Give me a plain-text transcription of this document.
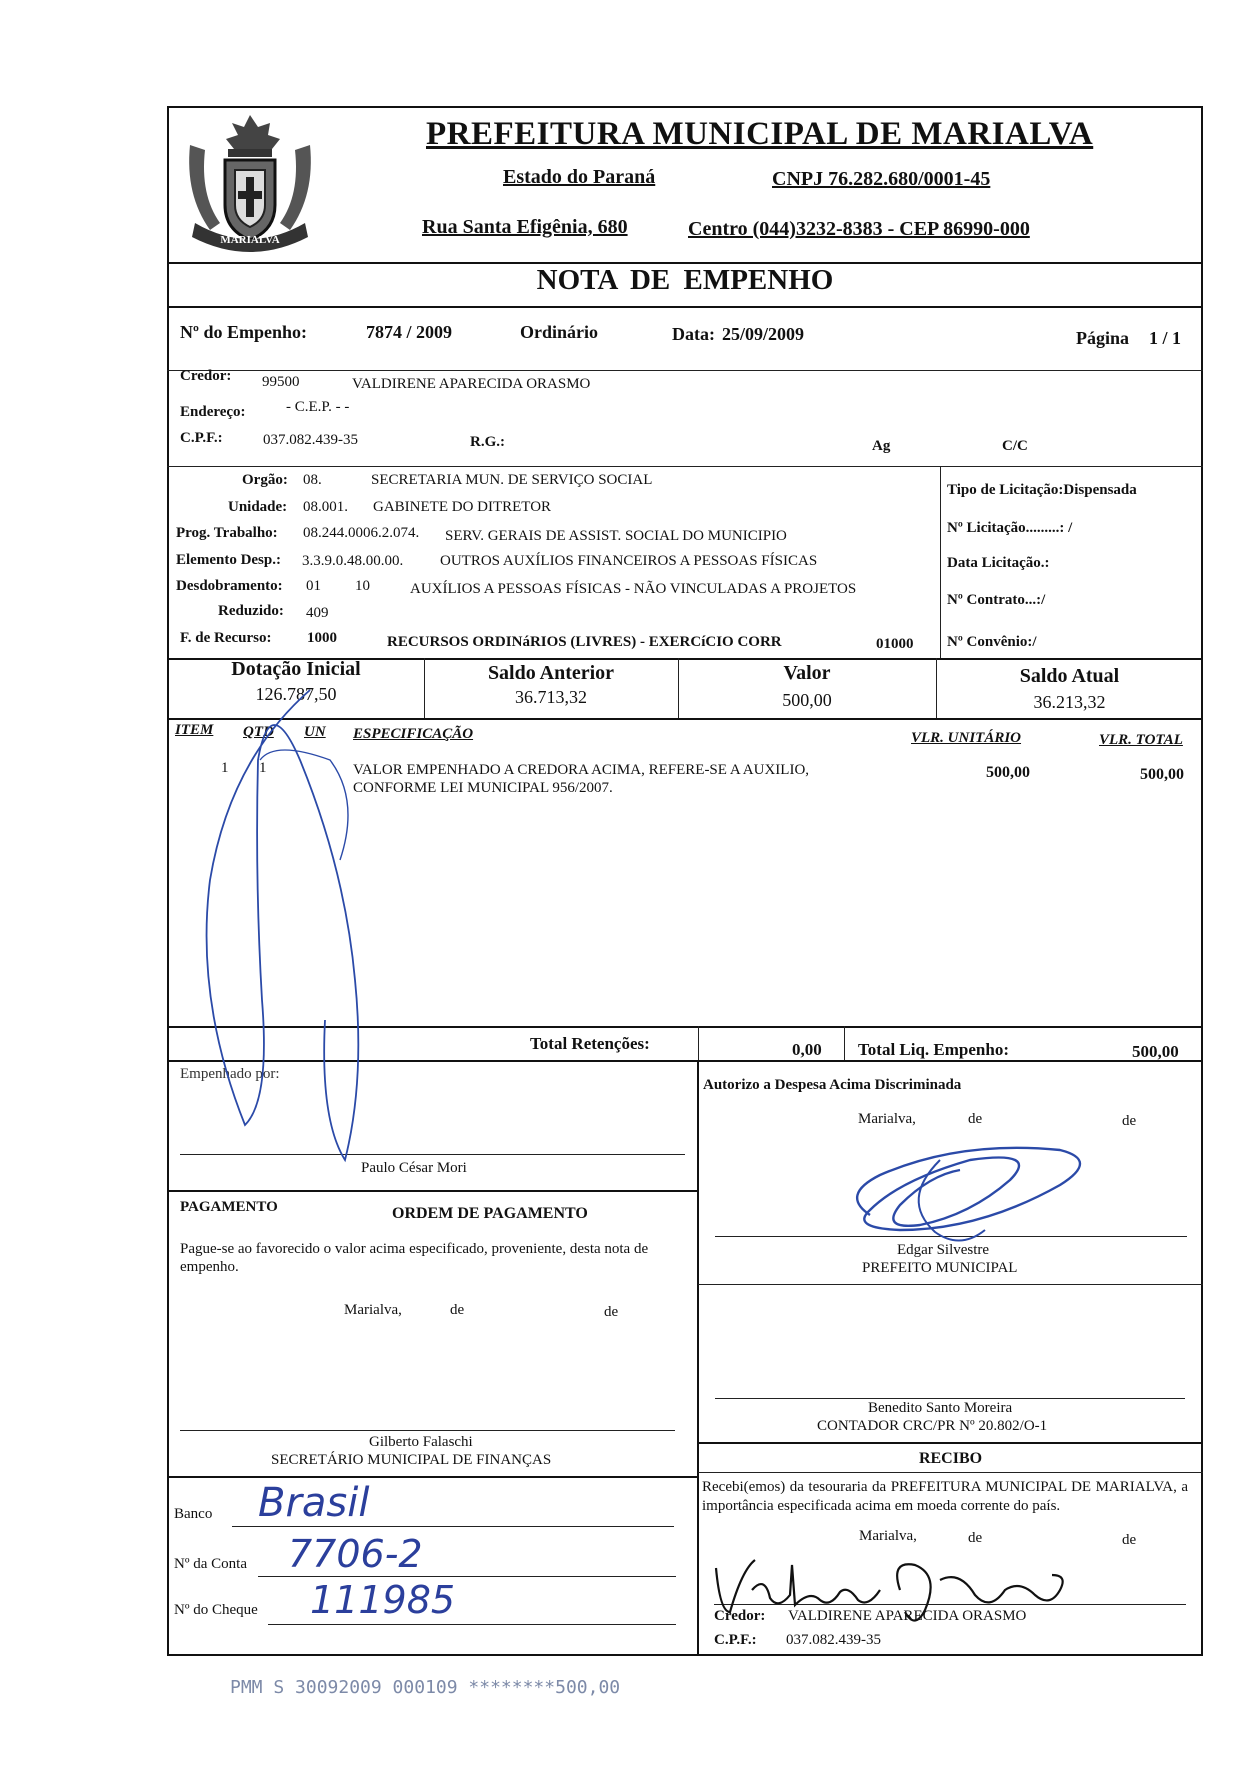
MARIALVA
PREFEITURA MUNICIPAL DE MARIALVA
Estado do Paraná	CNPJ 76.282.680/0001-45
Rua Santa Efigênia, 680	Centro (044)3232-8383 - CEP 86990-000
NOTA DE EMPENHO
Nº do Empenho:	7874 / 2009	Ordinário	Data: 25/09/2009	Página 1 / 1
Credor: 99500	VALDIRENE APARECIDA ORASMO
Endereço:	- C.E.P. - -
C.P.F.:	037.082.439-35	R.G.:	Ag	C/C
Orgão: 08.	SECRETARIA MUN. DE SERVIÇO SOCIAL
Unidade: 08.001. GABINETE DO DITRETOR
Prog. Trabalho: 08.244.0006.2.074. SERV. GERAIS DE ASSIST. SOCIAL DO MUNICIPIO
Elemento Desp.: 3.3.9.0.48.00.00. OUTROS AUXÍLIOS FINANCEIROS A PESSOAS FÍSICAS
Desdobramento: 01 10	AUXÍLIOS A PESSOAS FÍSICAS - NÃO VINCULADAS A PROJETOS
Reduzido: 409
F. de Recurso: 1000	RECURSOS ORDINáRIOS (LIVRES) - EXERCíCIO CORR	01000
Tipo de Licitação:Dispensada
Nº Licitação.........: /
Data Licitação.:
Nº Contrato...:/
Nº Convênio:/
Dotação Inicial
126.787,50
Saldo Anterior
36.713,32
Valor
500,00
Saldo Atual
36.213,32
ITEM QTD UN ESPECIFICAÇÃO	VLR. UNITÁRIO	VLR. TOTAL
1 1	VALOR EMPENHADO A CREDORA ACIMA, REFERE-SE A AUXILIO,
CONFORME LEI MUNICIPAL 956/2007.
500,00	500,00
Total Retenções:	0,00 Total Liq. Empenho:	500,00
Empenhado por:
Paulo César Mori
Autorizo a Despesa Acima Discriminada
Marialva,	de	de
Edgar Silvestre
PREFEITO MUNICIPAL
PAGAMENTO	ORDEM DE PAGAMENTO
Pague-se ao favorecido o valor acima especificado, proveniente, desta nota de empenho.
Marialva,	de	de
Gilberto Falaschi
SECRETÁRIO MUNICIPAL DE FINANÇAS
Benedito Santo Moreira
CONTADOR CRC/PR Nº 20.802/O-1
Banco Brasil
Nº da Conta 7706-2
Nº do Cheque 111985
RECIBO
Recebi(emos) da tesouraria da PREFEITURA MUNICIPAL DE MARIALVA, a importância especificada acima em moeda corrente do país.
Marialva,	de	de
Credor: VALDIRENE APARECIDA ORASMO
C.P.F.: 037.082.439-35
PMM S 30092009 000109 ********500,00
